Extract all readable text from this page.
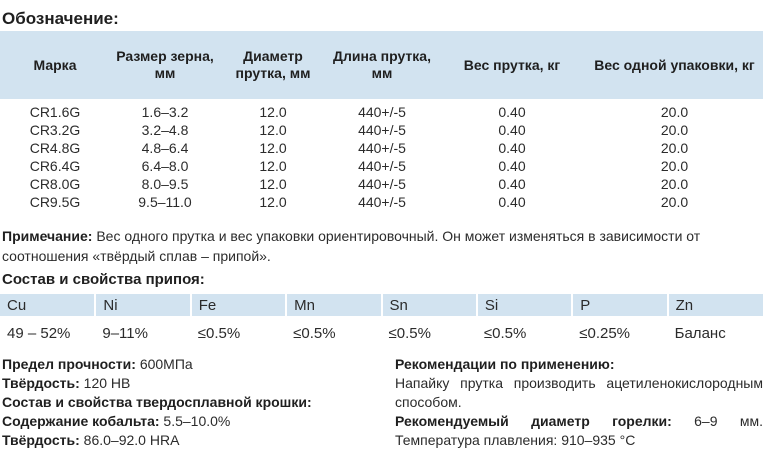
Обозначение:
Марка	Размер зерна, мм	Диаметр прутка, мм	Длина прутка, мм	Вес прутка, кг	Вес одной упаковки, кг
CR1.6G	1.6–3.2	12.0	440+/-5	0.40	20.0
CR3.2G	3.2–4.8	12.0	440+/-5	0.40	20.0
CR4.8G	4.8–6.4	12.0	440+/-5	0.40	20.0
CR6.4G	6.4–8.0	12.0	440+/-5	0.40	20.0
CR8.0G	8.0–9.5	12.0	440+/-5	0.40	20.0
CR9.5G	9.5–11.0	12.0	440+/-5	0.40	20.0
Примечание: Вес одного прутка и вес упаковки ориентировочный. Он может изменяться в зависимости от соотношения «твёрдый сплав – припой».
Состав и свойства припоя:
Cu	Ni	Fe	Mn	Sn	Si	P	Zn
49 – 52%	9–11%	≤0.5%	≤0.5%	≤0.5%	≤0.5%	≤0.25%	Баланс
Предел прочности: 600МПа
Твёрдость: 120 HB
Состав и свойства твердосплавной крошки:
Содержание кобальта: 5.5–10.0%
Твёрдость: 86.0–92.0 HRA
Рекомендации по применению:
Напайку прутка производить ацетиленокислородным способом.
Рекомендуемый диаметр горелки: 6–9 мм. Температура плавления: 910–935 °С
